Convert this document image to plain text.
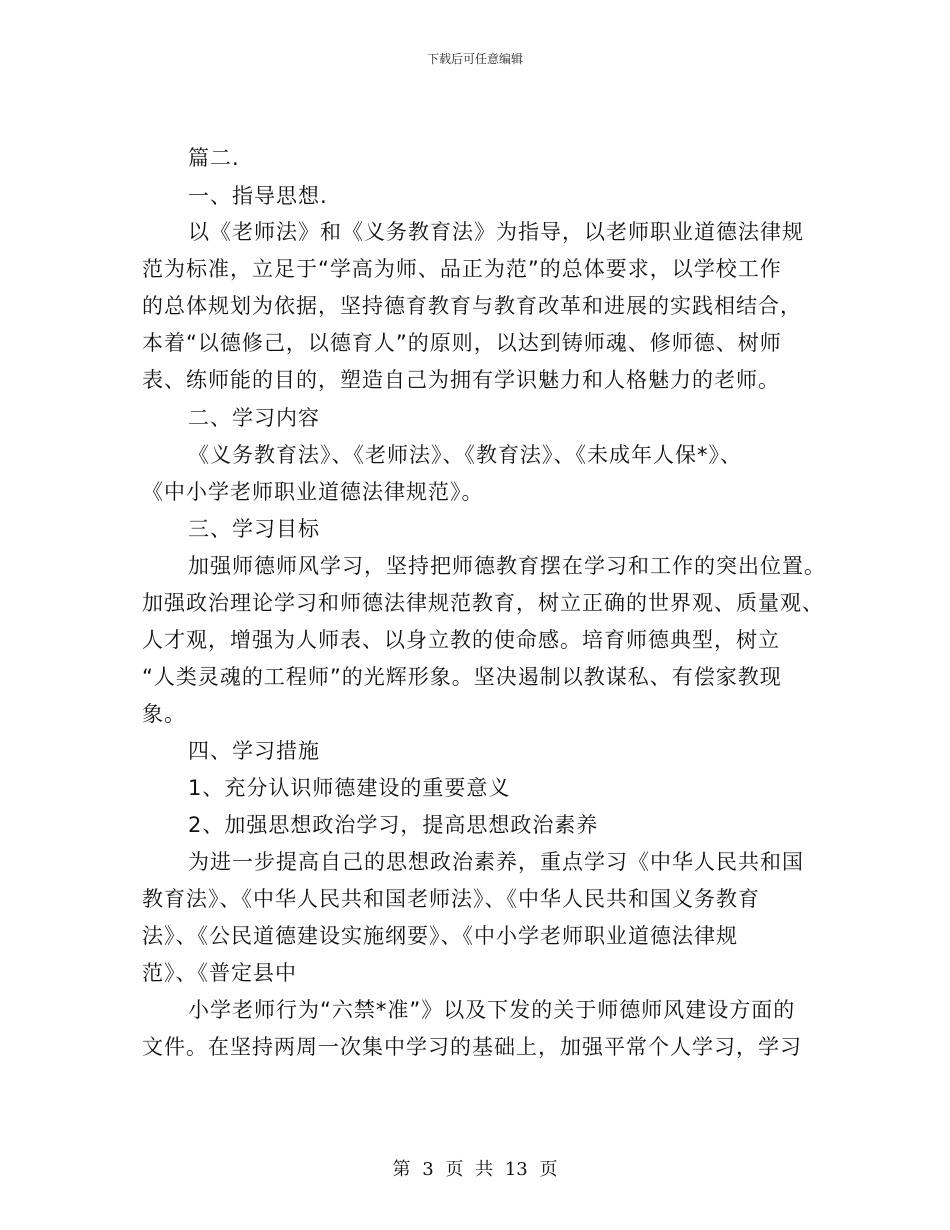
下载后可任意编辑
篇二.
一、指导思想.
以《老师法》和《义务教育法》为指导，以老师职业道德法律规
范为标准，立足于“学高为师、品正为范”的总体要求，以学校工作
的总体规划为依据，坚持德育教育与教育改革和进展的实践相结合，
本着“以德修己，以德育人”的原则，以达到铸师魂、修师德、树师
表、练师能的目的，塑造自己为拥有学识魅力和人格魅力的老师。
二、学习内容
《义务教育法》、《老师法》、《教育法》、《未成年人保*》、
《中小学老师职业道德法律规范》。
三、学习目标
加强师德师风学习，坚持把师德教育摆在学习和工作的突出位置。
加强政治理论学习和师德法律规范教育，树立正确的世界观、质量观、
人才观，增强为人师表、以身立教的使命感。培育师德典型，树立
“人类灵魂的工程师”的光辉形象。坚决遏制以教谋私、有偿家教现
象。
四、学习措施
1、充分认识师德建设的重要意义
2、加强思想政治学习，提高思想政治素养
为进一步提高自己的思想政治素养，重点学习《中华人民共和国
教育法》、《中华人民共和国老师法》、《中华人民共和国义务教育
法》、《公民道德建设实施纲要》、《中小学老师职业道德法律规
范》、《普定县中
小学老师行为“六禁*准”》以及下发的关于师德师风建设方面的
文件。在坚持两周一次集中学习的基础上，加强平常个人学习，学习
第 3 页 共 13 页
